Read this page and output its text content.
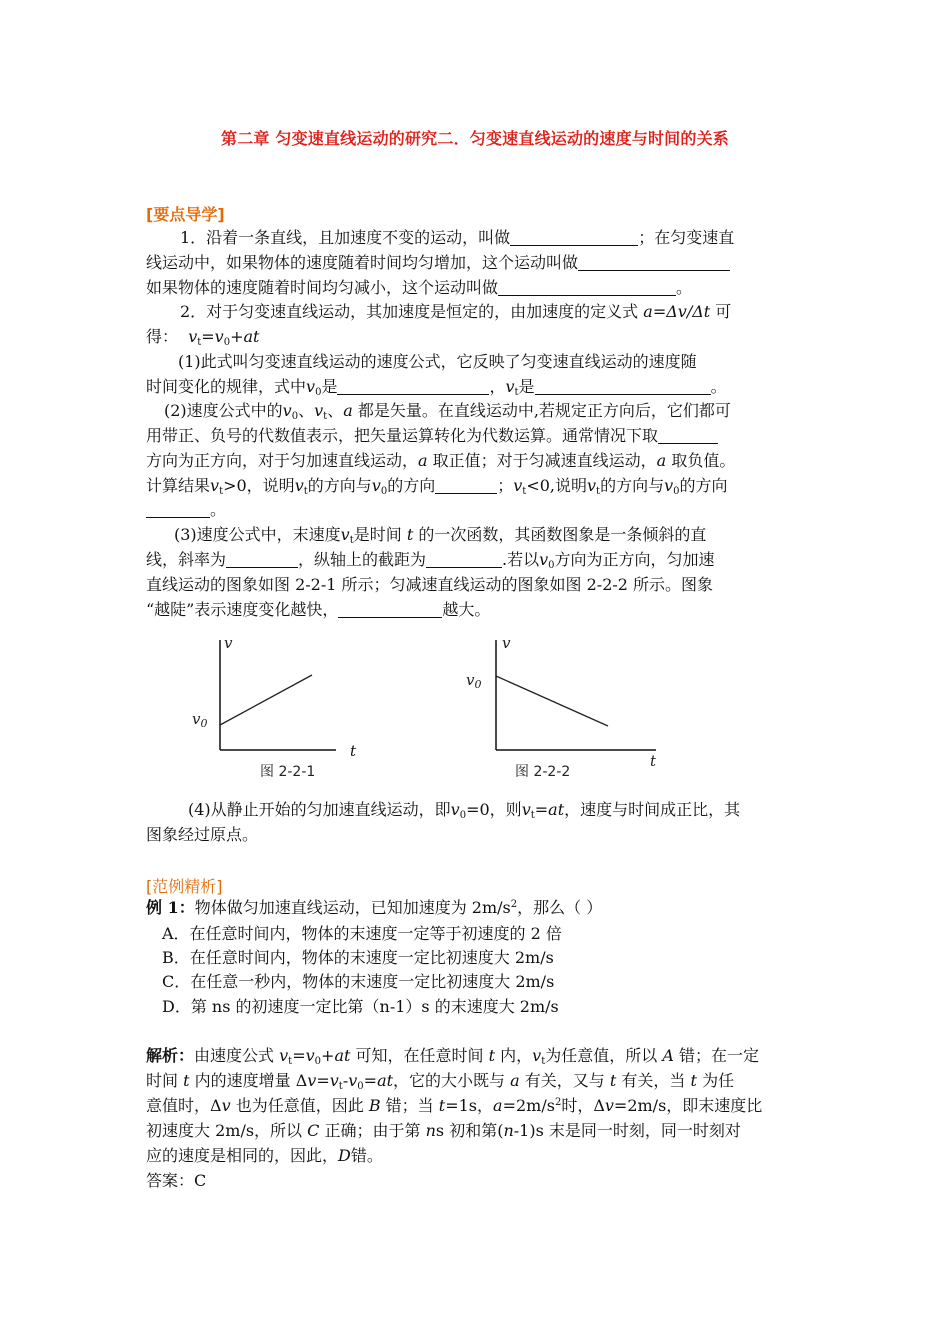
第二章 匀变速直线运动的研究二．匀变速直线运动的速度与时间的关系
[要点导学]
1．沿着一条直线，且加速度不变的运动，叫做	；在匀变速直
线运动中，如果物体的速度随着时间均匀增加，这个运动叫做
如果物体的速度随着时间均匀减小，这个运动叫做	。
2．对于匀变速直线运动，其加速度是恒定的，由加速度的定义式 a=Δv/Δt 可
得： $v_t=v_0+at$
(1)此式叫匀变速直线运动的速度公式，它反映了匀变速直线运动的速度随
时间变化的规律，式中$v_0$是	，$v_t$是	。
(2)速度公式中的$v_0$、$v_t$、a 都是矢量。在直线运动中,若规定正方向后，它们都可
用带正、负号的代数值表示，把矢量运算转化为代数运算。通常情况下取
方向为正方向，对于匀加速直线运动，a 取正值；对于匀减速直线运动，a 取负值。
计算结果$v_t>0$，说明$v_t$的方向与$v_0$的方向	；$v_t<0$,说明$v_t$的方向与$v_0$的方向
。
(3)速度公式中，末速度$v_t$是时间 t 的一次函数，其函数图象是一条倾斜的直
线，斜率为	，纵轴上的截距为	.若以$v_0$方向为正方向，匀加速
直线运动的图象如图 2-2-1 所示；匀减速直线运动的图象如图 2-2-2 所示。图象
“越陡”表示速度变化越快，	越大。
v
$v_0$
图 2-2-1
t
v
$v_0$
图 2-2-2
t
(4)从静止开始的匀加速直线运动，即$v_0=0$，则$v_t=at$，速度与时间成正比，其
图象经过原点。
[范例精析]
例 1：物体做匀加速直线运动，已知加速度为 $2m/s^2$，那么（ ）
A．在任意时间内，物体的末速度一定等于初速度的 2 倍
B．在任意时间内，物体的末速度一定比初速度大 2m/s
C．在任意一秒内，物体的末速度一定比初速度大 2m/s
D．第 ns 的初速度一定比第（n-1）s 的末速度大 2m/s
解析：由速度公式 $v_t=v_0+at$ 可知，在任意时间 t 内，$v_t$为任意值，所以 A 错；在一定
时间 t 内的速度增量 $\Delta v=v_t-v_0=at$，它的大小既与 a 有关，又与 t 有关，当 t 为任
意值时，Δv 也为任意值，因此 B 错；当 t=1s，$a=2m/s^2$时，Δv=2m/s，即末速度比
初速度大 2m/s，所以 C 正确；由于第 ns 初和第(n-1)s 末是同一时刻，同一时刻对
应的速度是相同的，因此，D错。
答案：C
